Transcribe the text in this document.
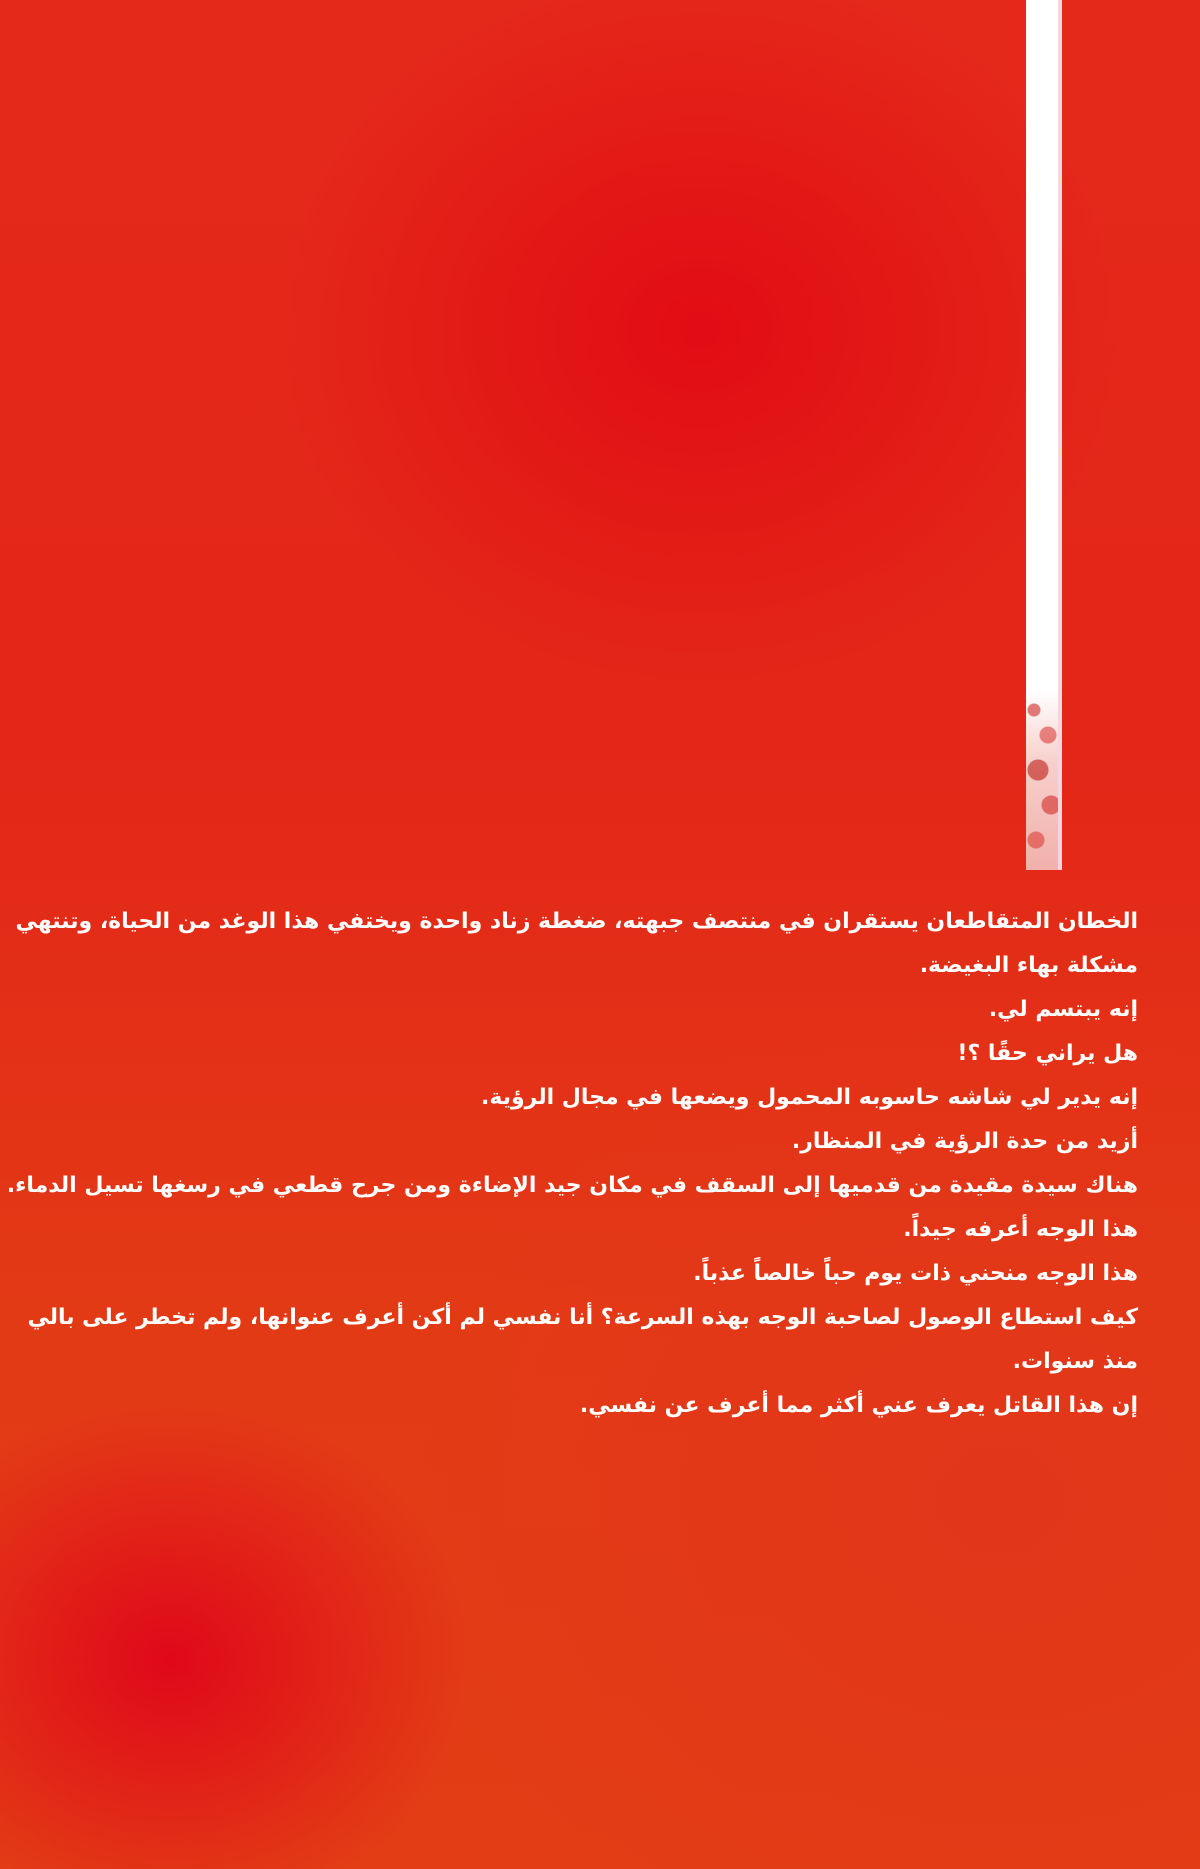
الخطان المتقاطعان يستقران في منتصف جبهته، ضغطة زناد واحدة ويختفي هذا الوغد من الحياة، وتنتهي مشكلة بهاء البغيضة.

إنه يبتسم لي.

هل يراني حقًا ؟!

إنه يدير لي شاشه حاسوبه المحمول ويضعها في مجال الرؤية.

أزيد من حدة الرؤية في المنظار.

هناك سيدة مقيدة من قدميها إلى السقف في مكان جيد الإضاءة ومن جرح قطعي في رسغها تسيل الدماء.

هذا الوجه أعرفه جيداً.

هذا الوجه منحني ذات يوم حباً خالصاً عذباً.

كيف استطاع الوصول لصاحبة الوجه بهذه السرعة؟ أنا نفسي لم أكن أعرف عنوانها، ولم تخطر على بالي منذ سنوات.

إن هذا القاتل يعرف عني أكثر مما أعرف عن نفسي.
